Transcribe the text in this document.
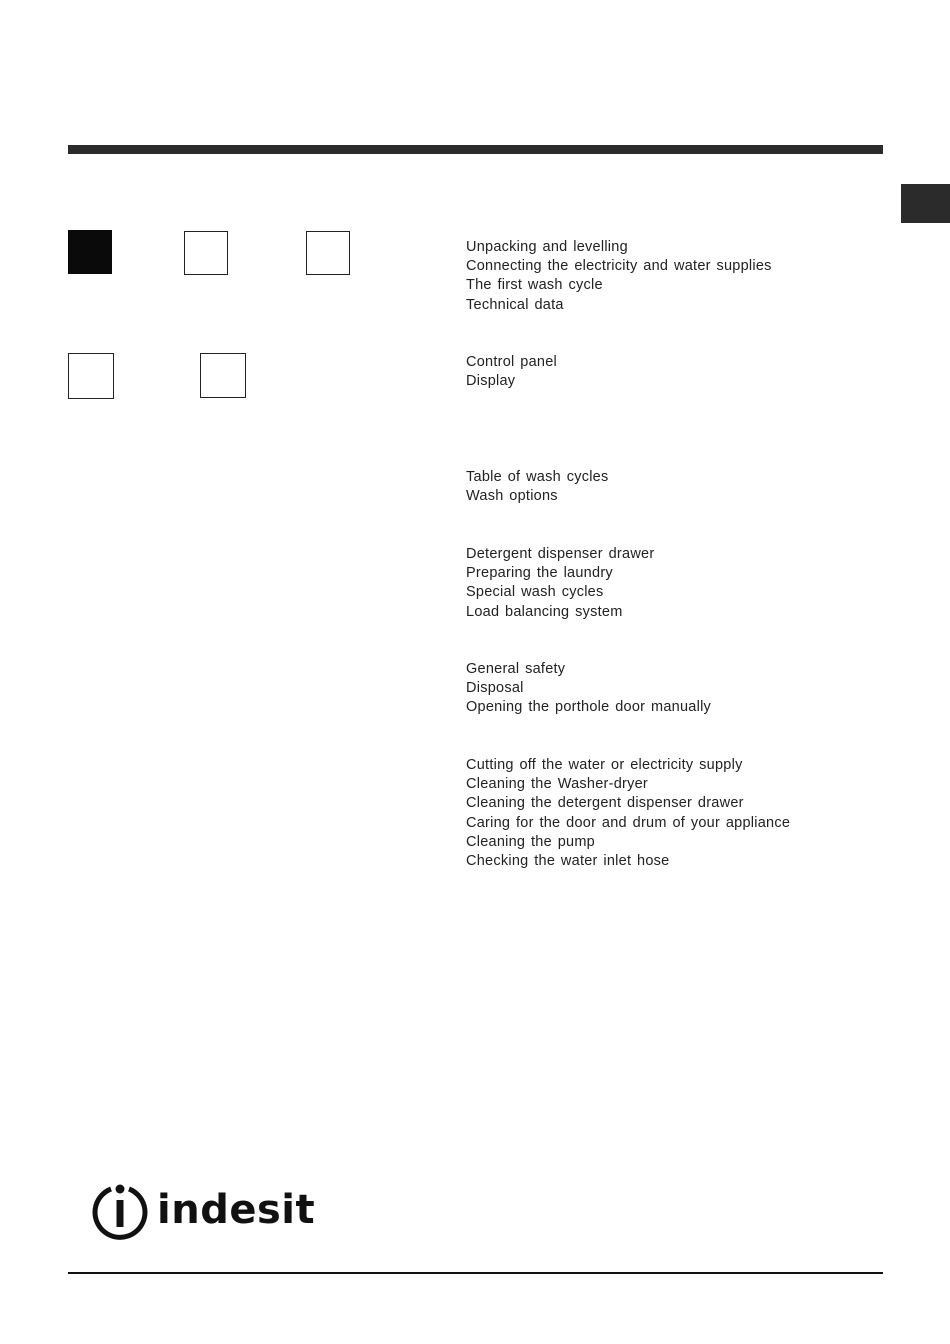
Unpacking and levelling
Connecting the electricity and water supplies
The first wash cycle
Technical data
Control panel
Display
Table of wash cycles
Wash options
Detergent dispenser drawer
Preparing the laundry
Special wash cycles
Load balancing system
General safety
Disposal
Opening the porthole door manually
Cutting off the water or electricity supply
Cleaning the Washer-dryer
Cleaning the detergent dispenser drawer
Caring for the door and drum of your appliance
Cleaning the pump
Checking the water inlet hose
indesit
